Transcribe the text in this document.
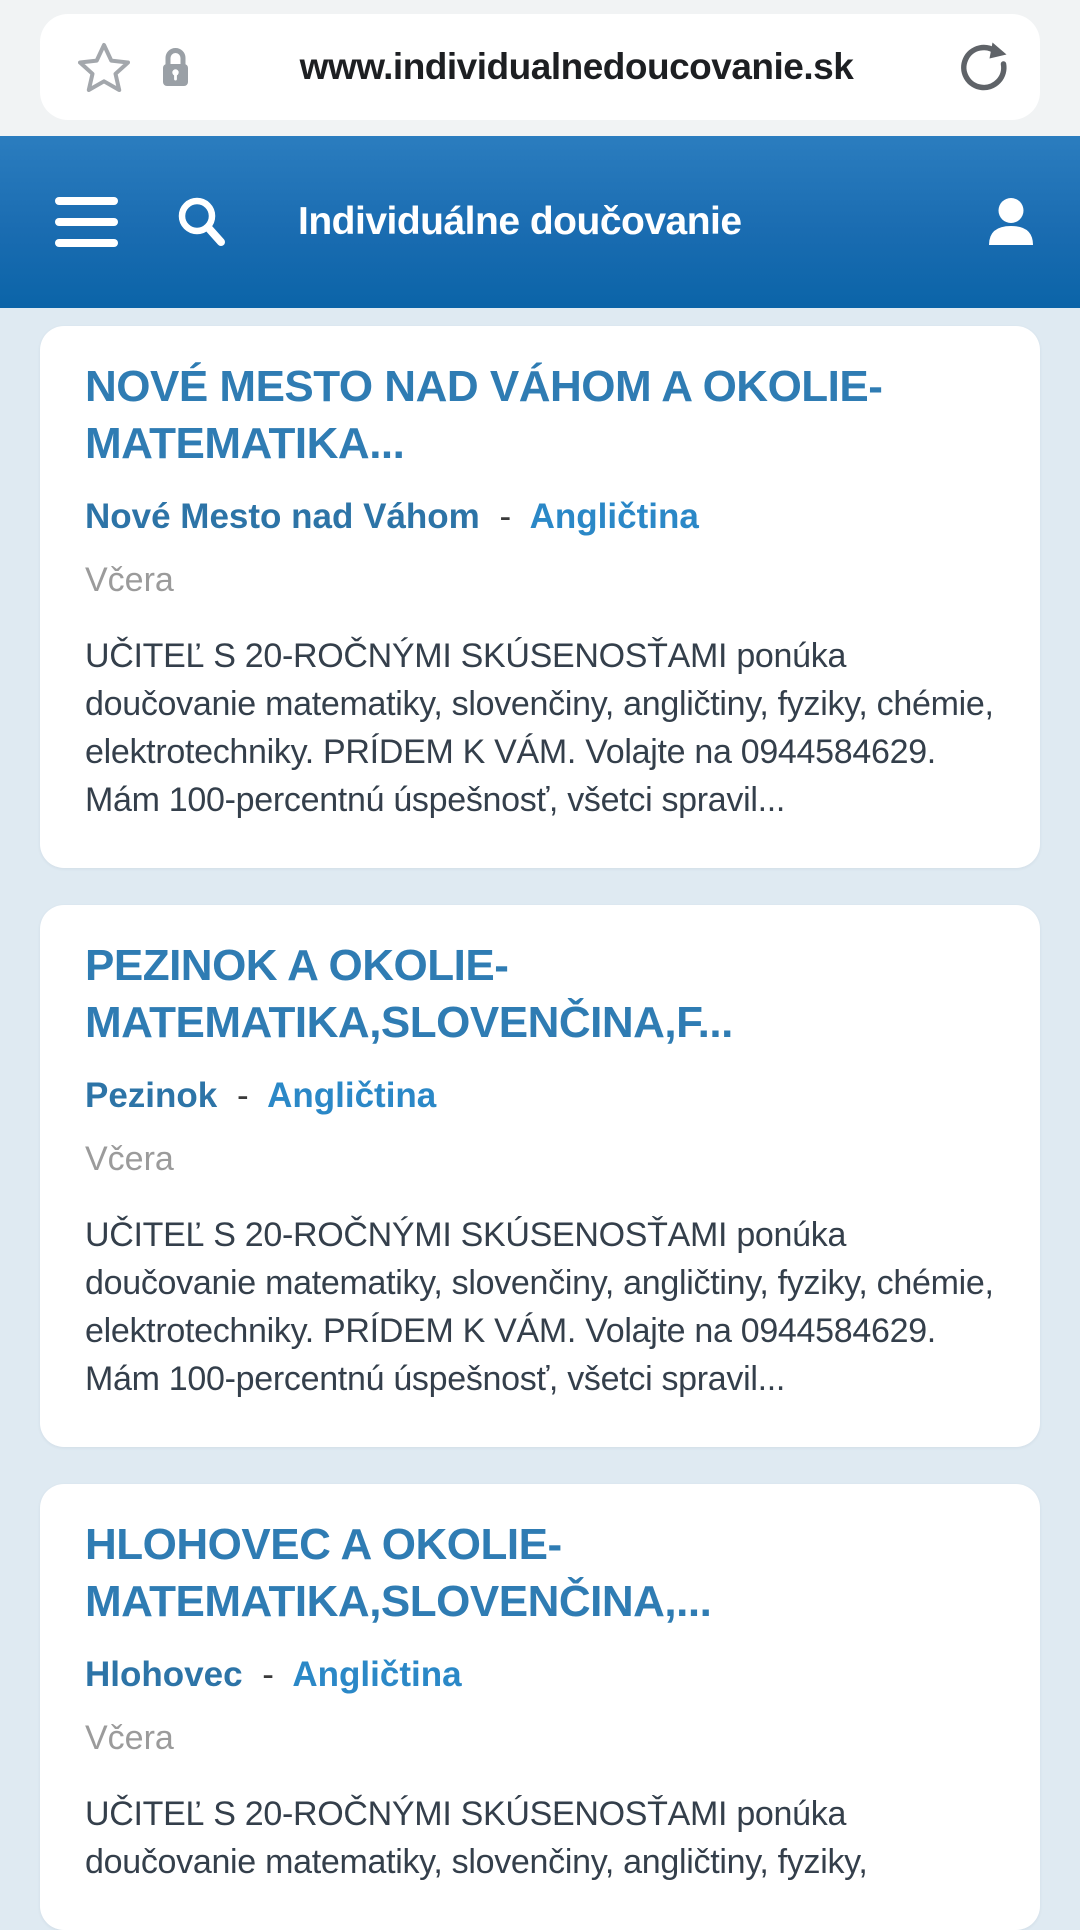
www.individualnedoucovanie.sk
Individuálne doučovanie
NOVÉ MESTO NAD VÁHOM A OKOLIE-MATEMATIKA...
Nové Mesto nad Váhom - Angličtina
Včera

UČITEĽ S 20-ROČNÝMI SKÚSENOSŤAMI ponúka doučovanie matematiky, slovenčiny, angličtiny, fyziky, chémie, elektrotechniky. PRÍDEM K VÁM. Volajte na 0944584629. Mám 100-percentnú úspešnosť, všetci spravil...

PEZINOK A OKOLIE-MATEMATIKA,SLOVENČINA,F...
Pezinok - Angličtina
Včera

UČITEĽ S 20-ROČNÝMI SKÚSENOSŤAMI ponúka doučovanie matematiky, slovenčiny, angličtiny, fyziky, chémie, elektrotechniky. PRÍDEM K VÁM. Volajte na 0944584629. Mám 100-percentnú úspešnosť, všetci spravil...

HLOHOVEC A OKOLIE-MATEMATIKA,SLOVENČINA,...
Hlohovec - Angličtina
Včera

UČITEĽ S 20-ROČNÝMI SKÚSENOSŤAMI ponúka doučovanie matematiky, slovenčiny, angličtiny, fyziky,
